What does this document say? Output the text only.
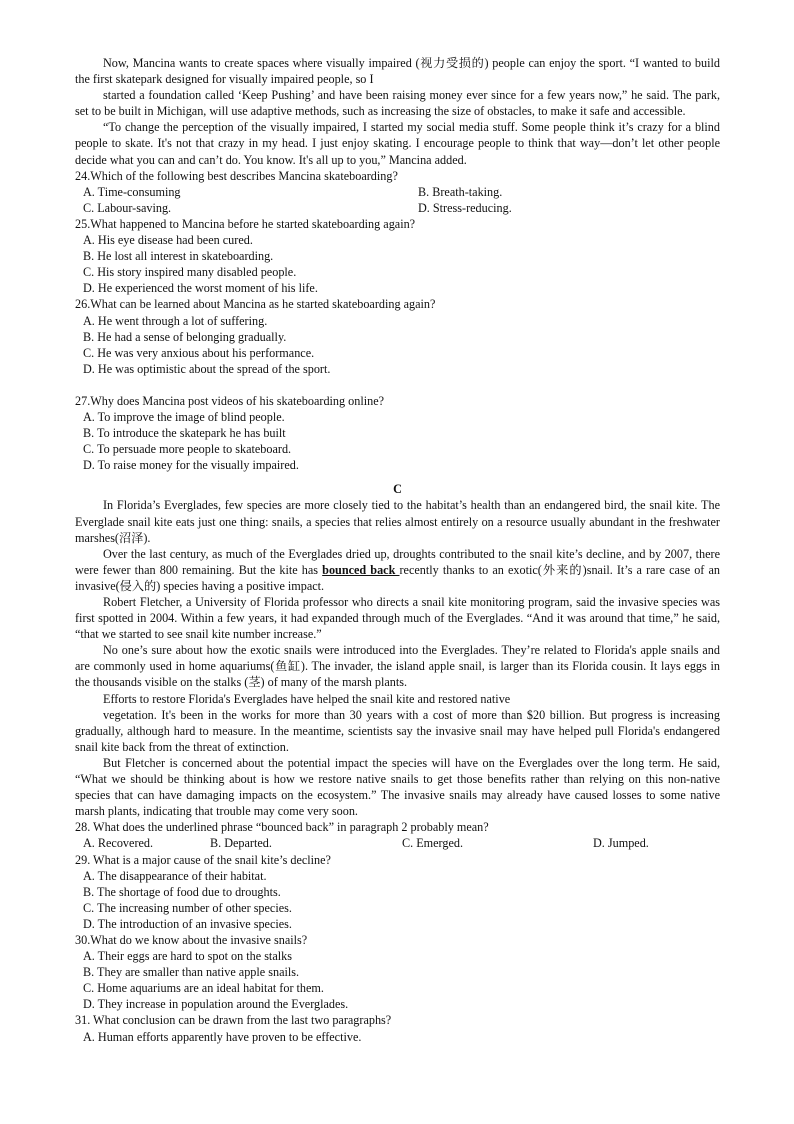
Now, Mancina wants to create spaces where visually impaired (视力受损的) people can enjoy the sport. “I wanted to build the first skatepark designed for visually impaired people, so I

started a foundation called ‘Keep Pushing’ and have been raising money ever since for a few years now,” he said. The park, set to be built in Michigan, will use adaptive methods, such as increasing the size of obstacles, to make it safe and accessible.

“To change the perception of the visually impaired, I started my social media stuff. Some people think it’s crazy for a blind people to skate. It's not that crazy in my head. I just enjoy skating. I encourage people to think that way—don’t let other people decide what you can and can’t do. You know. It's all up to you,” Mancina added.

24.Which of the following best describes Mancina skateboarding?

A. Time-consuming	B. Breath-taking.
C. Labour-saving.	D. Stress-reducing.

25.What happened to Mancina before he started skateboarding again?

A. His eye disease had been cured.

B. He lost all interest in skateboarding.

C. His story inspired many disabled people.

D. He experienced the worst moment of his life.

26.What can be learned about Mancina as he started skateboarding again?

A. He went through a lot of suffering.

B. He had a sense of belonging gradually.

C. He was very anxious about his performance.

D. He was optimistic about the spread of the sport.

27.Why does Mancina post videos of his skateboarding online?

A. To improve the image of blind people.

B. To introduce the skatepark he has built

C. To persuade more people to skateboard.

D. To raise money for the visually impaired.

C

In Florida’s Everglades, few species are more closely tied to the habitat’s health than an endangered bird, the snail kite. The Everglade snail kite eats just one thing: snails, a species that relies almost entirely on a resource usually abundant in the freshwater marshes(沼泽).

Over the last century, as much of the Everglades dried up, droughts contributed to the snail kite’s decline, and by 2007, there were fewer than 800 remaining. But the kite has bounced back recently thanks to an exotic(外来的)snail. It’s a rare case of an invasive(侵入的) species having a positive impact.

Robert Fletcher, a University of Florida professor who directs a snail kite monitoring program, said the invasive species was first spotted in 2004. Within a few years, it had expanded through much of the Everglades. “And it was around that time,” he said, “that we started to see snail kite number increase.”

No one’s sure about how the exotic snails were introduced into the Everglades. They’re related to Florida's apple snails and are commonly used in home aquariums(鱼缸). The invader, the island apple snail, is larger than its Florida cousin. It lays eggs in the thousands visible on the stalks (茎) of many of the marsh plants.

Efforts to restore Florida's Everglades have helped the snail kite and restored native

vegetation. It's been in the works for more than 30 years with a cost of more than $20 billion. But progress is increasing gradually, although hard to measure. In the meantime, scientists say the invasive snail may have helped pull Florida's endangered snail kite back from the threat of extinction.

But Fletcher is concerned about the potential impact the species will have on the Everglades over the long term. He said, “What we should be thinking about is how we restore native snails to get those benefits rather than relying on this non-native species that can have damaging impacts on the ecosystem.” The invasive snails may already have caused losses to some native marsh plants, indicating that trouble may come very soon.

28. What does the underlined phrase “bounced back” in paragraph 2 probably mean?

A. Recovered.	B. Departed.	C. Emerged.	D. Jumped.

29. What is a major cause of the snail kite’s decline?

A. The disappearance of their habitat.

B. The shortage of food due to droughts.

C. The increasing number of other species.

D. The introduction of an invasive species.

30.What do we know about the invasive snails?

A. Their eggs are hard to spot on the stalks

B. They are smaller than native apple snails.

C. Home aquariums are an ideal habitat for them.

D. They increase in population around the Everglades.

31. What conclusion can be drawn from the last two paragraphs?

A. Human efforts apparently have proven to be effective.
